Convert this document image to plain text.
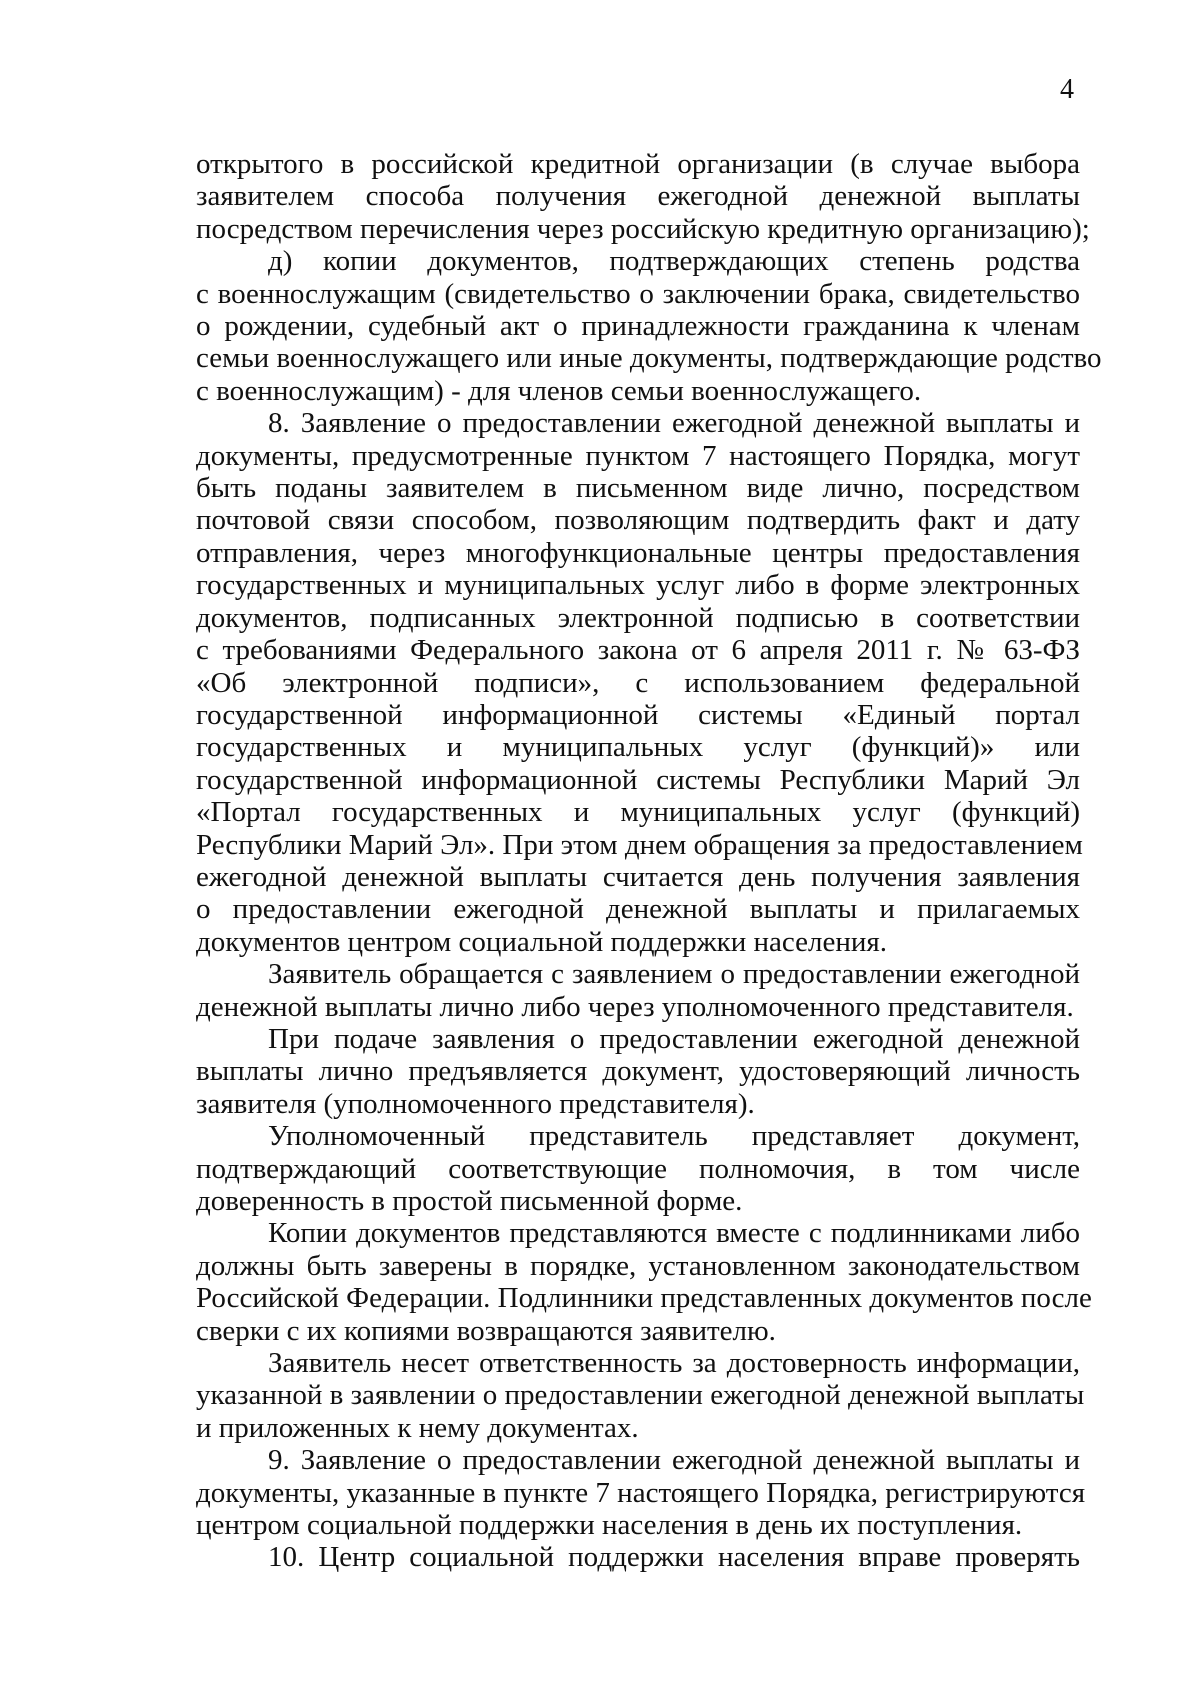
4
открытого в российской кредитной организации (в случае выбора
заявителем способа получения ежегодной денежной выплаты
посредством перечисления через российскую кредитную организацию);
д) копии документов, подтверждающих степень родства
с военнослужащим (свидетельство о заключении брака, свидетельство
о рождении, судебный акт о принадлежности гражданина к членам
семьи военнослужащего или иные документы, подтверждающие родство
с военнослужащим) - для членов семьи военнослужащего.
8. Заявление о предоставлении ежегодной денежной выплаты и
документы, предусмотренные пунктом 7 настоящего Порядка, могут
быть поданы заявителем в письменном виде лично, посредством
почтовой связи способом, позволяющим подтвердить факт и дату
отправления, через многофункциональные центры предоставления
государственных и муниципальных услуг либо в форме электронных
документов, подписанных электронной подписью в соответствии
с требованиями Федерального закона от 6 апреля 2011 г. № 63-ФЗ
«Об электронной подписи», с использованием федеральной
государственной информационной системы «Единый портал
государственных и муниципальных услуг (функций)» или
государственной информационной системы Республики Марий Эл
«Портал государственных и муниципальных услуг (функций)
Республики Марий Эл». При этом днем обращения за предоставлением
ежегодной денежной выплаты считается день получения заявления
о предоставлении ежегодной денежной выплаты и прилагаемых
документов центром социальной поддержки населения.
Заявитель обращается с заявлением о предоставлении ежегодной
денежной выплаты лично либо через уполномоченного представителя.
При подаче заявления о предоставлении ежегодной денежной
выплаты лично предъявляется документ, удостоверяющий личность
заявителя (уполномоченного представителя).
Уполномоченный представитель представляет документ,
подтверждающий соответствующие полномочия, в том числе
доверенность в простой письменной форме.
Копии документов представляются вместе с подлинниками либо
должны быть заверены в порядке, установленном законодательством
Российской Федерации. Подлинники представленных документов после
сверки с их копиями возвращаются заявителю.
Заявитель несет ответственность за достоверность информации,
указанной в заявлении о предоставлении ежегодной денежной выплаты
и приложенных к нему документах.
9. Заявление о предоставлении ежегодной денежной выплаты и
документы, указанные в пункте 7 настоящего Порядка, регистрируются
центром социальной поддержки населения в день их поступления.
10. Центр социальной поддержки населения вправе проверять
